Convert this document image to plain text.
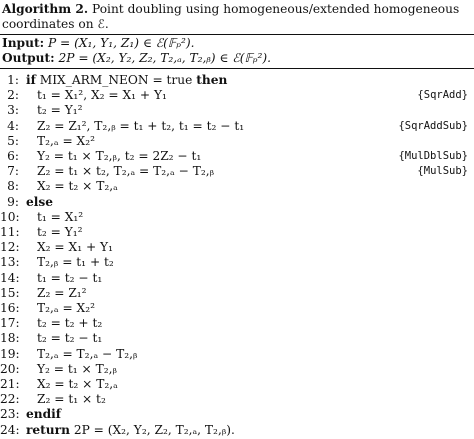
Algorithm 2. Point doubling using homogeneous/extended homogeneous coordinates on ℰ.
Input: P = (X₁, Y₁, Z₁) ∈ ℰ(𝔽ₚ²).
Output: 2P = (X₂, Y₂, Z₂, T₂,ₐ, T₂,ᵦ) ∈ ℰ(𝔽ₚ²).
1: if MIX_ARM_NEON = true then
2: t₁ = X₁², X₂ = X₁ + Y₁	{SqrAdd}
3: t₂ = Y₁²
4: Z₂ = Z₁², T₂,ᵦ = t₁ + t₂, t₁ = t₂ − t₁	{SqrAddSub}
5: T₂,ₐ = X₂²
6: Y₂ = t₁ × T₂,ᵦ, t₂ = 2Z₂ − t₁	{MulDblSub}
7: Z₂ = t₁ × t₂, T₂,ₐ = T₂,ₐ − T₂,ᵦ	{MulSub}
8: X₂ = t₂ × T₂,ₐ
9: else
10: t₁ = X₁²
11: t₂ = Y₁²
12: X₂ = X₁ + Y₁
13: T₂,ᵦ = t₁ + t₂
14: t₁ = t₂ − t₁
15: Z₂ = Z₁²
16: T₂,ₐ = X₂²
17: t₂ = t₂ + t₂
18: t₂ = t₂ − t₁
19: T₂,ₐ = T₂,ₐ − T₂,ᵦ
20: Y₂ = t₁ × T₂,ᵦ
21: X₂ = t₂ × T₂,ₐ
22: Z₂ = t₁ × t₂
23: endif
24: return 2P = (X₂, Y₂, Z₂, T₂,ₐ, T₂,ᵦ).
